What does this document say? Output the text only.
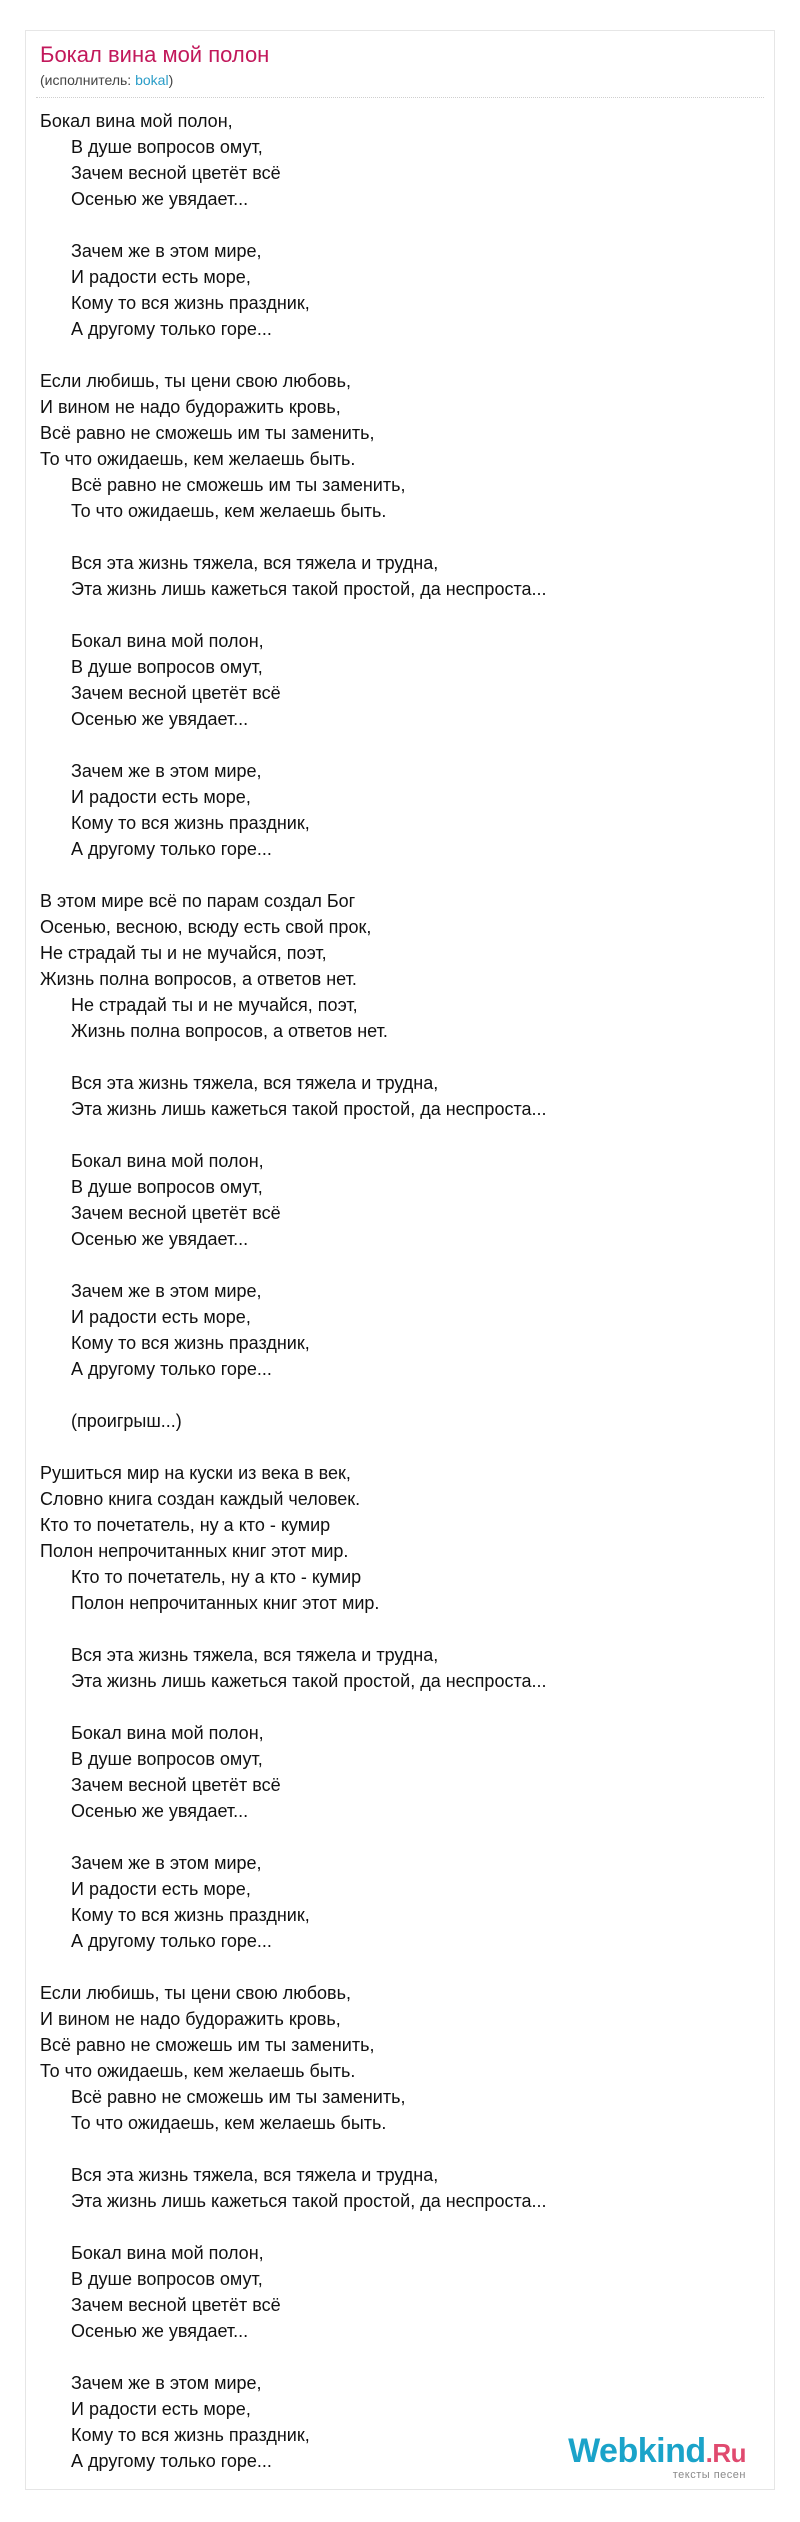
Бокал вина мой полон
(исполнитель: bokal)
Бокал вина мой полон,
В душе вопросов омут,
Зачем весной цветёт всё
Осенью же увядает...
Зачем же в этом мире,
И радости есть море,
Кому то вся жизнь праздник,
А другому только горе...
Если любишь, ты цени свою любовь,
И вином не надо будоражить кровь,
Всё равно не сможешь им ты заменить,
То что ожидаешь, кем желаешь быть.
Всё равно не сможешь им ты заменить,
То что ожидаешь, кем желаешь быть.
Вся эта жизнь тяжела, вся тяжела и трудна,
Эта жизнь лишь кажеться такой простой, да неспроста...
Бокал вина мой полон,
В душе вопросов омут,
Зачем весной цветёт всё
Осенью же увядает...
Зачем же в этом мире,
И радости есть море,
Кому то вся жизнь праздник,
А другому только горе...
В этом мире всё по парам создал Бог
Осенью, весною, всюду есть свой прок,
Не страдай ты и не мучайся, поэт,
Жизнь полна вопросов, а ответов нет.
Не страдай ты и не мучайся, поэт,
Жизнь полна вопросов, а ответов нет.
Вся эта жизнь тяжела, вся тяжела и трудна,
Эта жизнь лишь кажеться такой простой, да неспроста...
Бокал вина мой полон,
В душе вопросов омут,
Зачем весной цветёт всё
Осенью же увядает...
Зачем же в этом мире,
И радости есть море,
Кому то вся жизнь праздник,
А другому только горе...
(проигрыш...)
Рушиться мир на куски из века в век,
Словно книга создан каждый человек.
Кто то почетатель, ну а кто - кумир
Полон непрочитанных книг этот мир.
Кто то почетатель, ну а кто - кумир
Полон непрочитанных книг этот мир.
Вся эта жизнь тяжела, вся тяжела и трудна,
Эта жизнь лишь кажеться такой простой, да неспроста...
Бокал вина мой полон,
В душе вопросов омут,
Зачем весной цветёт всё
Осенью же увядает...
Зачем же в этом мире,
И радости есть море,
Кому то вся жизнь праздник,
А другому только горе...
Если любишь, ты цени свою любовь,
И вином не надо будоражить кровь,
Всё равно не сможешь им ты заменить,
То что ожидаешь, кем желаешь быть.
Всё равно не сможешь им ты заменить,
То что ожидаешь, кем желаешь быть.
Вся эта жизнь тяжела, вся тяжела и трудна,
Эта жизнь лишь кажеться такой простой, да неспроста...
Бокал вина мой полон,
В душе вопросов омут,
Зачем весной цветёт всё
Осенью же увядает...
Зачем же в этом мире,
И радости есть море,
Кому то вся жизнь праздник,
А другому только горе...	Webkind.Ru
тексты песен
